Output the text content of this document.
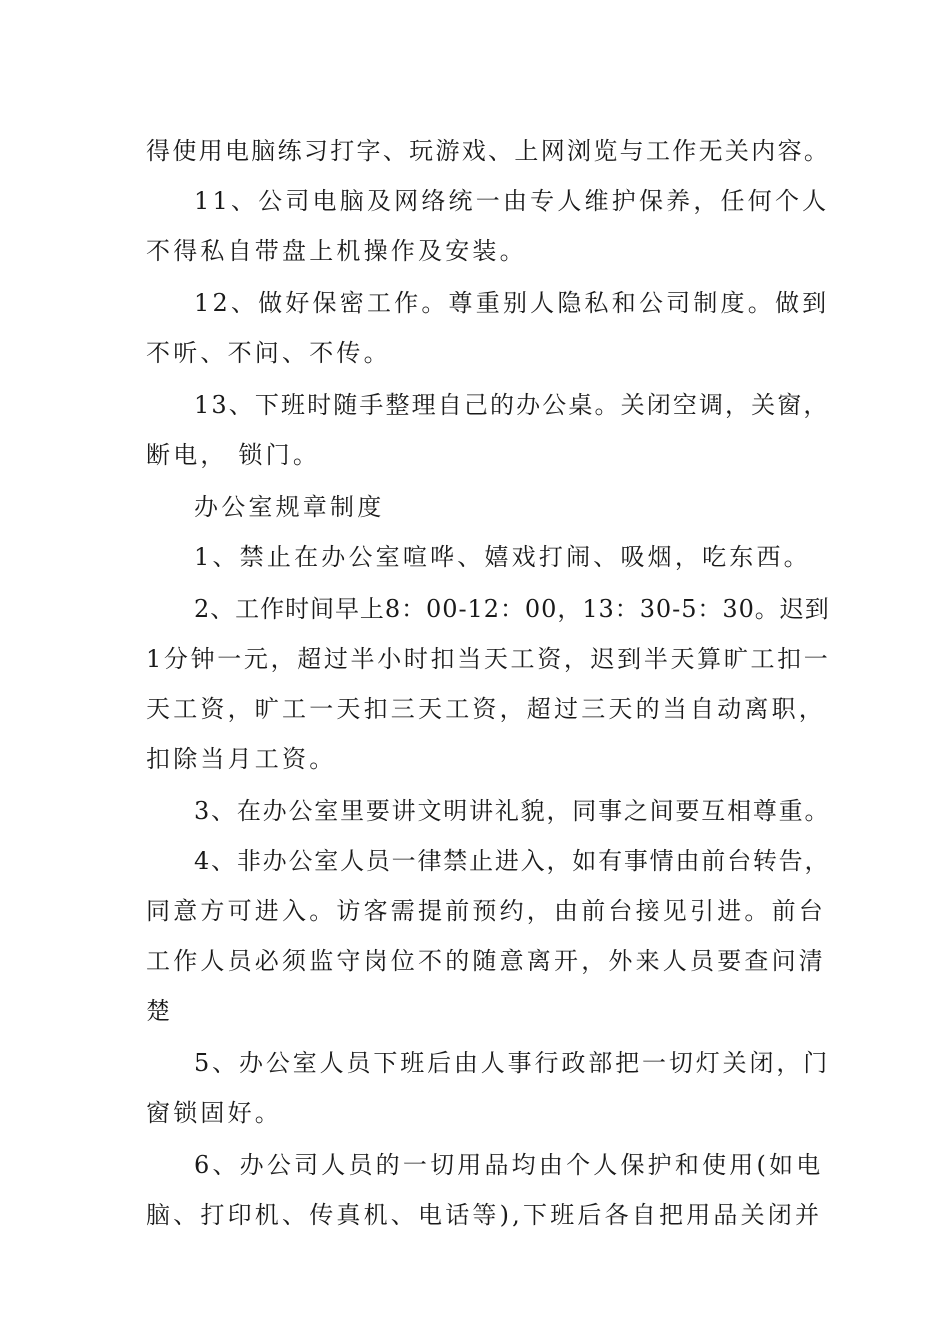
得使用电脑练习打字、玩游戏、上网浏览与工作无关内容。
11、公司电脑及网络统一由专人维护保养，任何个人
不得私自带盘上机操作及安装。
12、做好保密工作。尊重别人隐私和公司制度。做到
不听、不问、不传。
13、下班时随手整理自己的办公桌。关闭空调，关窗，
断电， 锁门。
办公室规章制度
1、禁止在办公室喧哗、嬉戏打闹、吸烟，吃东西。
2、工作时间早上8：00-12：00，13：30-5：30。迟到
1分钟一元，超过半小时扣当天工资，迟到半天算旷工扣一
天工资，旷工一天扣三天工资，超过三天的当自动离职，
扣除当月工资。
3、在办公室里要讲文明讲礼貌，同事之间要互相尊重。
4、非办公室人员一律禁止进入，如有事情由前台转告，
同意方可进入。访客需提前预约，由前台接见引进。前台
工作人员必须监守岗位不的随意离开，外来人员要查问清
楚
5、办公室人员下班后由人事行政部把一切灯关闭，门
窗锁固好。
6、办公司人员的一切用品均由个人保护和使用(如电
脑、打印机、传真机、电话等),下班后各自把用品关闭并
